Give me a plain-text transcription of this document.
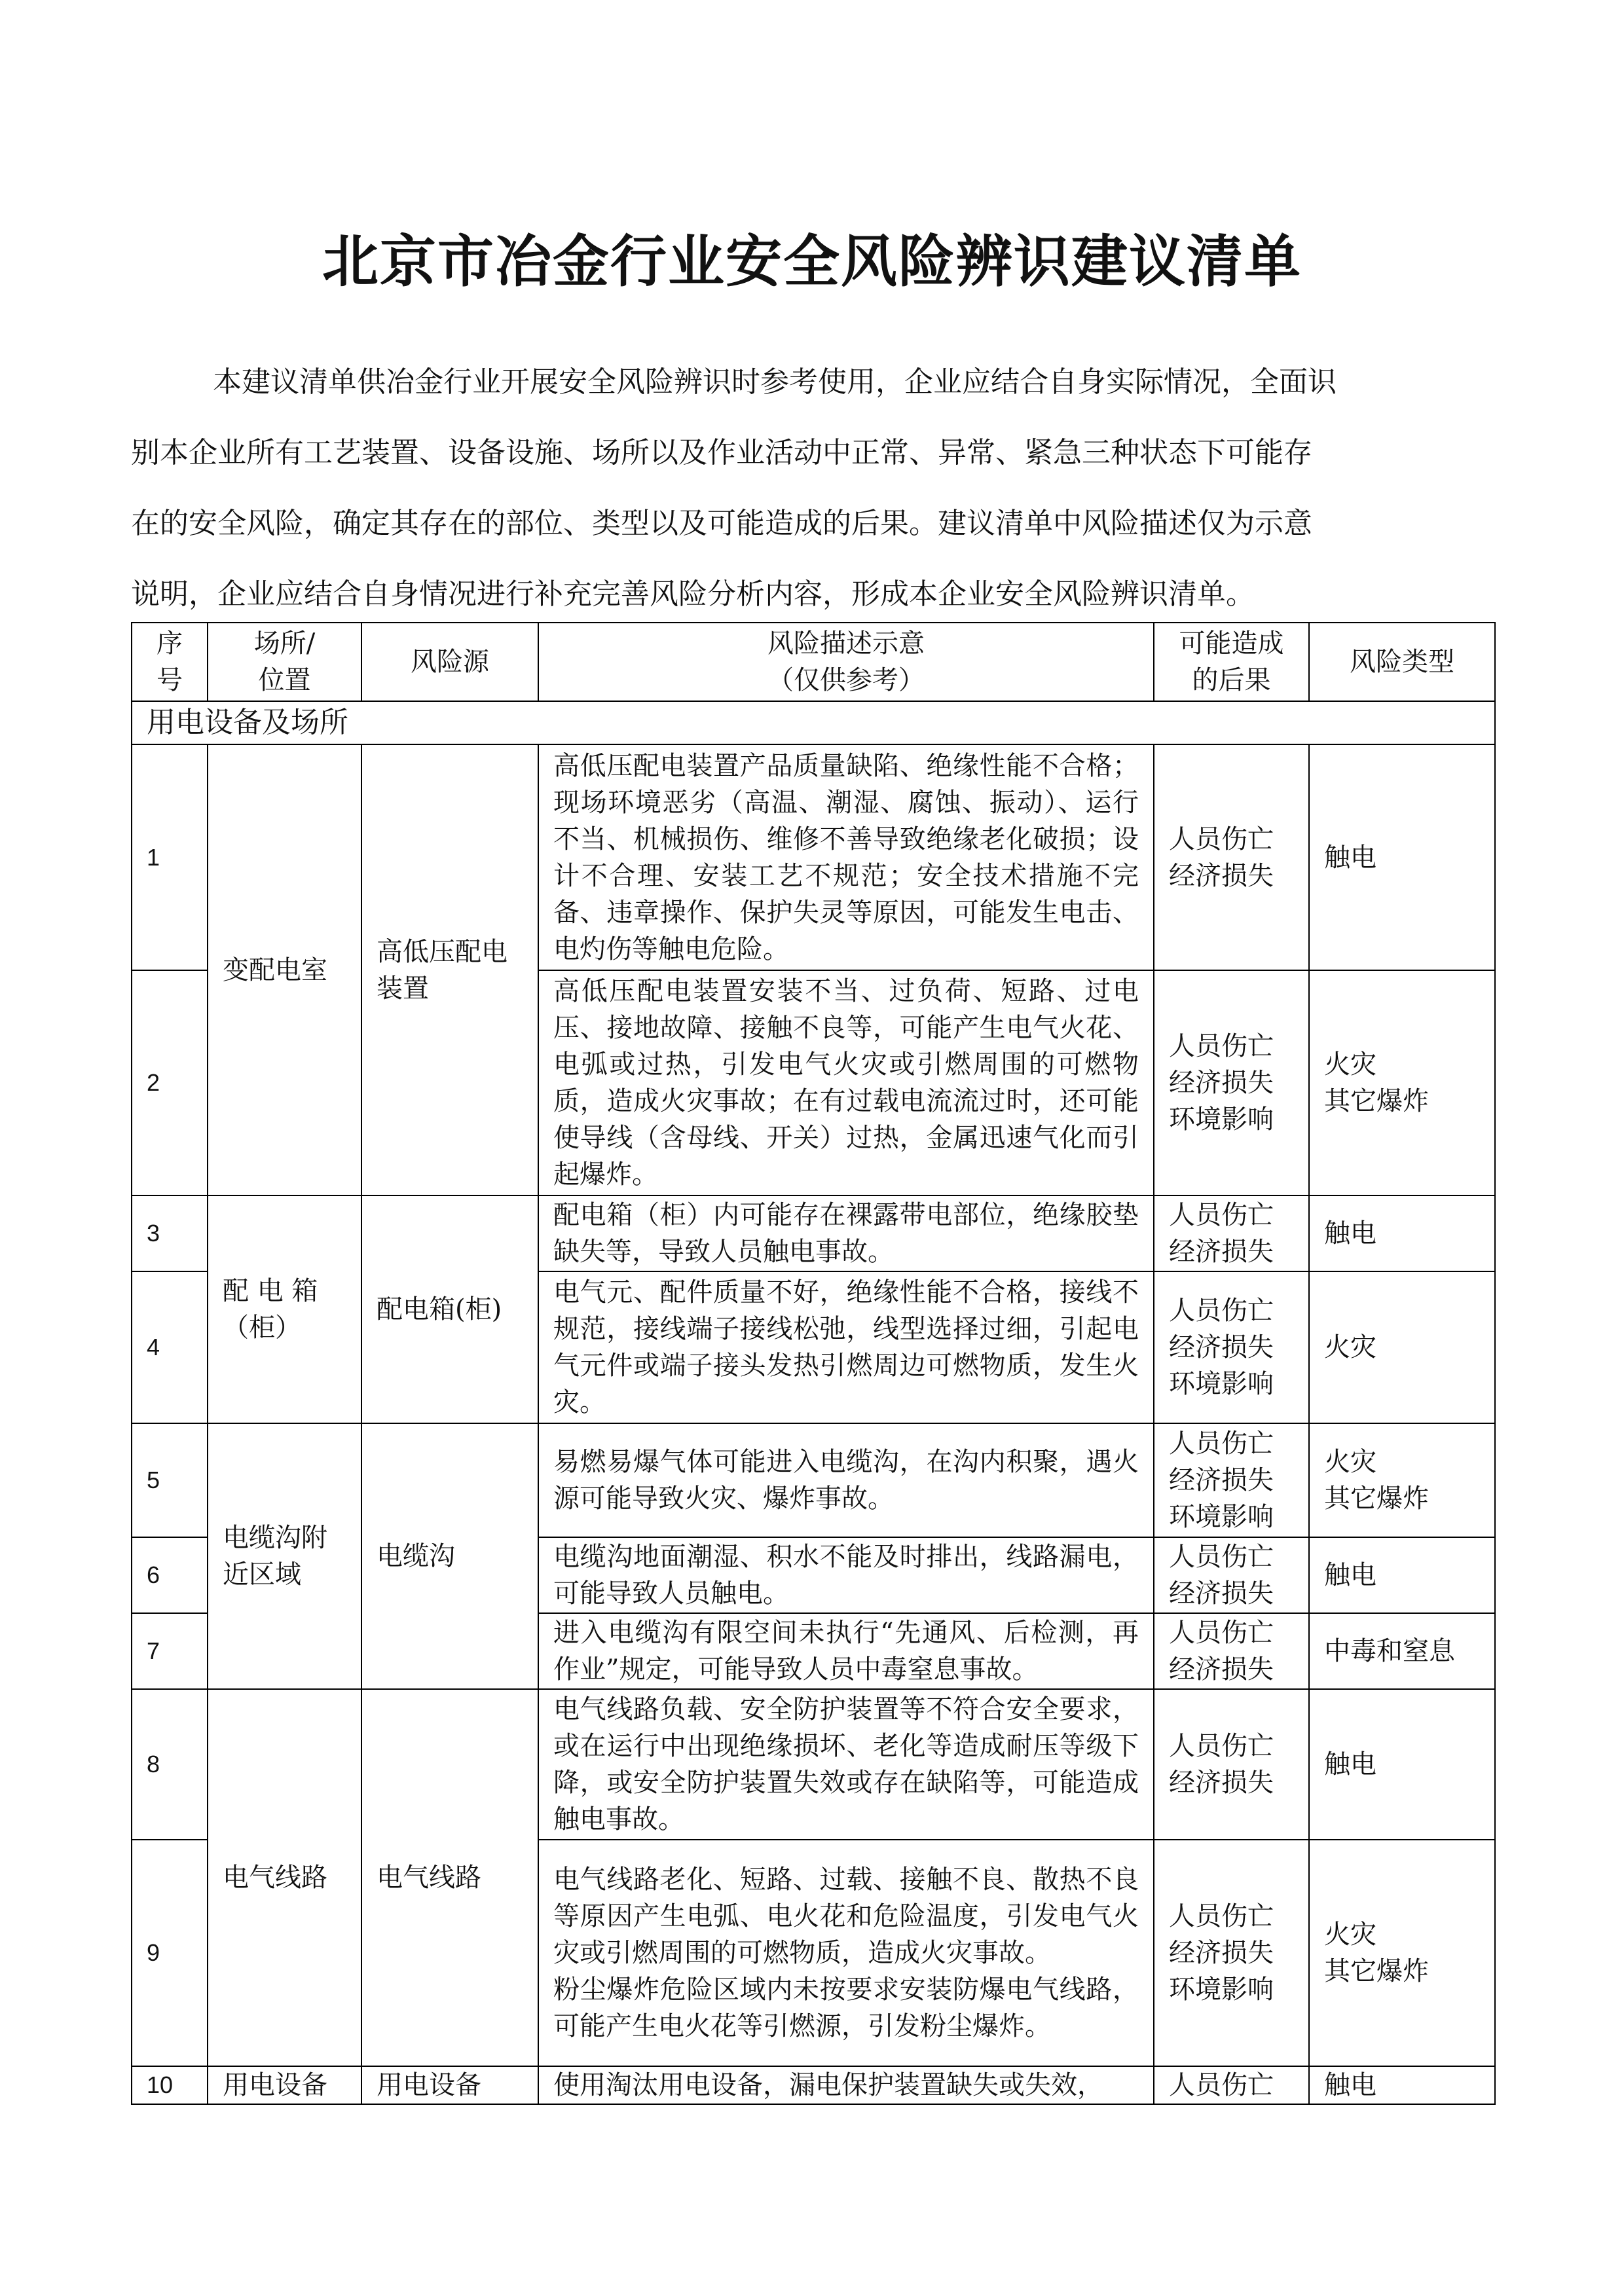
北京市冶金行业安全风险辨识建议清单
本建议清单供冶金行业开展安全风险辨识时参考使用，企业应结合自身实际情况，全面识
别本企业所有工艺装置、设备设施、场所以及作业活动中正常、异常、紧急三种状态下可能存
在的安全风险，确定其存在的部位、类型以及可能造成的后果。建议清单中风险描述仅为示意
说明，企业应结合自身情况进行补充完善风险分析内容，形成本企业安全风险辨识清单。
序
号	场所/
位置	风险源	风险描述示意
（仅供参考）	可能造成
的后果	风险类型
用电设备及场所					
1	变配电室	高低压配电
装置	高低压配电装置产品质量缺陷、绝缘性能不合格；现场环境恶劣（高温、潮湿、腐蚀、振动）、运行不当、机械损伤、维修不善导致绝缘老化破损；设计不合理、安装工艺不规范；安全技术措施不完备、违章操作、保护失灵等原因，可能发生电击、电灼伤等触电危险。	人员伤亡
经济损失	触电
2			高低压配电装置安装不当、过负荷、短路、过电压、接地故障、接触不良等，可能产生电气火花、电弧或过热，引发电气火灾或引燃周围的可燃物质，造成火灾事故；在有过载电流流过时，还可能使导线（含母线、开关）过热，金属迅速气化而引起爆炸。	人员伤亡
经济损失
环境影响	火灾
其它爆炸
3	配 电 箱
（柜）	配电箱(柜)	配电箱（柜）内可能存在裸露带电部位，绝缘胶垫缺失等，导致人员触电事故。	人员伤亡
经济损失	触电
4			电气元、配件质量不好，绝缘性能不合格，接线不规范，接线端子接线松弛，线型选择过细，引起电气元件或端子接头发热引燃周边可燃物质，发生火灾。	人员伤亡
经济损失
环境影响	火灾
5	电缆沟附
近区域	电缆沟	易燃易爆气体可能进入电缆沟，在沟内积聚，遇火源可能导致火灾、爆炸事故。	人员伤亡
经济损失
环境影响	火灾
其它爆炸
6			电缆沟地面潮湿、积水不能及时排出，线路漏电，可能导致人员触电。	人员伤亡
经济损失	触电
7			进入电缆沟有限空间未执行“先通风、后检测，再作业”规定，可能导致人员中毒窒息事故。	人员伤亡
经济损失	中毒和窒息
8	电气线路	电气线路	电气线路负载、安全防护装置等不符合安全要求，或在运行中出现绝缘损坏、老化等造成耐压等级下降，或安全防护装置失效或存在缺陷等，可能造成触电事故。	人员伤亡
经济损失	触电
9			电气线路老化、短路、过载、接触不良、散热不良等原因产生电弧、电火花和危险温度，引发电气火灾或引燃周围的可燃物质，造成火灾事故。
粉尘爆炸危险区域内未按要求安装防爆电气线路，可能产生电火花等引燃源，引发粉尘爆炸。	人员伤亡
经济损失
环境影响	火灾
其它爆炸
10	用电设备	用电设备	使用淘汰用电设备，漏电保护装置缺失或失效，	人员伤亡	触电
